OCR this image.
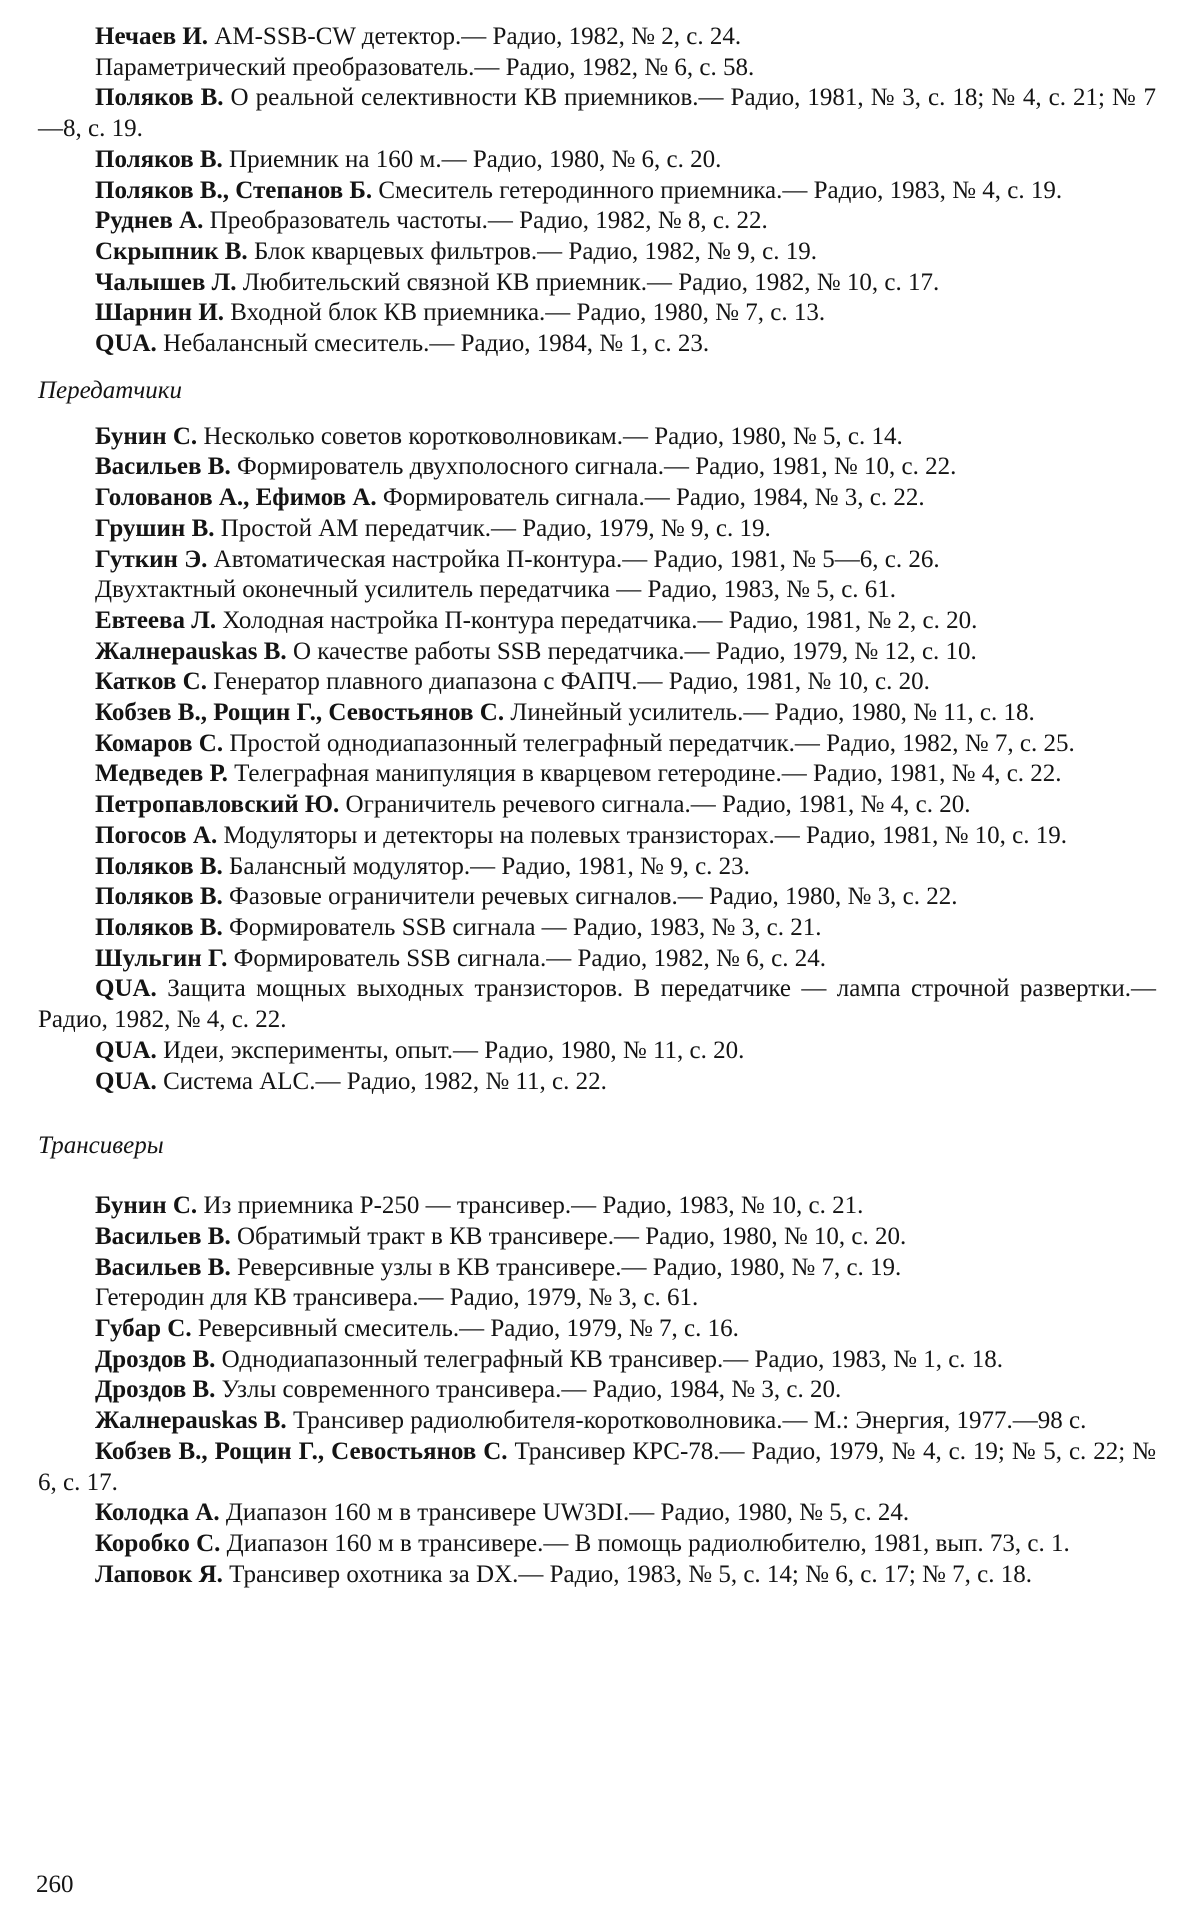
Нечаев И. AM-SSB-CW детектор.— Радио, 1982, № 2, с. 24.

Параметрический преобразователь.— Радио, 1982, № 6, с. 58.

Поляков В. О реальной селективности КВ приемников.— Радио, 1981, № 3, с. 18; № 4, с. 21; № 7—8, с. 19.

Поляков В. Приемник на 160 м.— Радио, 1980, № 6, с. 20.

Поляков В., Степанов Б. Смеситель гетеродинного приемника.— Радио, 1983, № 4, с. 19.

Руднев А. Преобразователь частоты.— Радио, 1982, № 8, с. 22.

Скрыпник В. Блок кварцевых фильтров.— Радио, 1982, № 9, с. 19.

Чалышев Л. Любительский связной КВ приемник.— Радио, 1982, № 10, с. 17.

Шарнин И. Входной блок КВ приемника.— Радио, 1980, № 7, с. 13.

QUA. Небалансный смеситель.— Радио, 1984, № 1, с. 23.

Передатчики

Бунин С. Несколько советов коротковолновикам.— Радио, 1980, № 5, с. 14.

Васильев В. Формирователь двухполосного сигнала.— Радио, 1981, № 10, с. 22.

Голованов А., Ефимов А. Формирователь сигнала.— Радио, 1984, № 3, с. 22.

Грушин В. Простой АМ передатчик.— Радио, 1979, № 9, с. 19.

Гуткин Э. Автоматическая настройка П-контура.— Радио, 1981, № 5—6, с. 26.

Двухтактный оконечный усилитель передатчика — Радио, 1983, № 5, с. 61.

Евтеева Л. Холодная настройка П-контура передатчика.— Радио, 1981, № 2, с. 20.

Жалнерauskas В. О качестве работы SSB передатчика.— Радио, 1979, № 12, с. 10.

Катков С. Генератор плавного диапазона с ФАПЧ.— Радио, 1981, № 10, с. 20.

Кобзев В., Рощин Г., Севостьянов С. Линейный усилитель.— Радио, 1980, № 11, с. 18.

Комаров С. Простой однодиапазонный телеграфный передатчик.— Радио, 1982, № 7, с. 25.

Медведев Р. Телеграфная манипуляция в кварцевом гетеродине.— Радио, 1981, № 4, с. 22.

Петропавловский Ю. Ограничитель речевого сигнала.— Радио, 1981, № 4, с. 20.

Погосов А. Модуляторы и детекторы на полевых транзисторах.— Радио, 1981, № 10, с. 19.

Поляков В. Балансный модулятор.— Радио, 1981, № 9, с. 23.

Поляков В. Фазовые ограничители речевых сигналов.— Радио, 1980, № 3, с. 22.

Поляков В. Формирователь SSB сигнала — Радио, 1983, № 3, с. 21.

Шульгин Г. Формирователь SSB сигнала.— Радио, 1982, № 6, с. 24.

QUA. Защита мощных выходных транзисторов. В передатчике — лампа строчной развертки.— Радио, 1982, № 4, с. 22.

QUA. Идеи, эксперименты, опыт.— Радио, 1980, № 11, с. 20.

QUA. Система ALC.— Радио, 1982, № 11, с. 22.

Трансиверы

Бунин С. Из приемника Р-250 — трансивер.— Радио, 1983, № 10, с. 21.

Васильев В. Обратимый тракт в КВ трансивере.— Радио, 1980, № 10, с. 20.

Васильев В. Реверсивные узлы в КВ трансивере.— Радио, 1980, № 7, с. 19.

Гетеродин для КВ трансивера.— Радио, 1979, № 3, с. 61.

Губар С. Реверсивный смеситель.— Радио, 1979, № 7, с. 16.

Дроздов В. Однодиапазонный телеграфный КВ трансивер.— Радио, 1983, № 1, с. 18.

Дроздов В. Узлы современного трансивера.— Радио, 1984, № 3, с. 20.

Жалнерauskas В. Трансивер радиолюбителя-коротковолновика.— М.: Энергия, 1977.—98 с.

Кобзев В., Рощин Г., Севостьянов С. Трансивер КРС-78.— Радио, 1979, № 4, с. 19; № 5, с. 22; № 6, с. 17.

Колодка А. Диапазон 160 м в трансивере UW3DI.— Радио, 1980, № 5, с. 24.

Коробко С. Диапазон 160 м в трансивере.— В помощь радиолюбителю, 1981, вып. 73, с. 1.

Лаповок Я. Трансивер охотника за DX.— Радио, 1983, № 5, с. 14; № 6, с. 17; № 7, с. 18.

260
